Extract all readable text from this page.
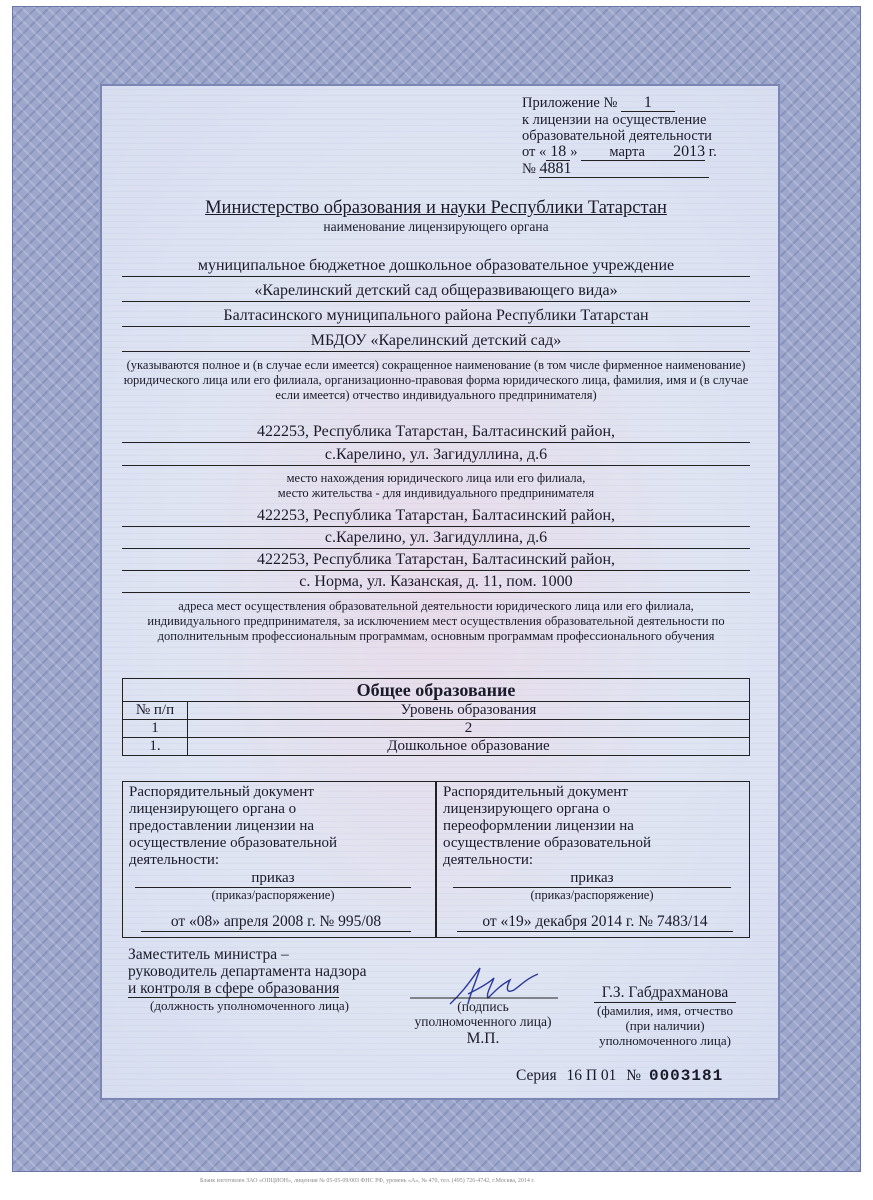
Приложение № 1
к лицензии на осуществление
образовательной деятельности
от « 18 » марта 2013 г.
№ 4881
Министерство образования и науки Республики Татарстан
наименование лицензирующего органа
муниципальное бюджетное дошкольное образовательное учреждение
«Карелинский детский сад общеразвивающего вида»
Балтасинского муниципального района Республики Татарстан
МБДОУ «Карелинский детский сад»
(указываются полное и (в случае если имеется) сокращенное наименование (в том числе фирменное наименование) юридического лица или его филиала, организационно-правовая форма юридического лица, фамилия, имя и (в случае если имеется) отчество индивидуального предпринимателя)
422253, Республика Татарстан, Балтасинский район,
с.Карелино, ул. Загидуллина, д.6
место нахождения юридического лица или его филиала,
место жительства - для индивидуального предпринимателя
422253, Республика Татарстан, Балтасинский район,
с.Карелино, ул. Загидуллина, д.6
422253, Республика Татарстан, Балтасинский район,
с. Норма, ул. Казанская, д. 11, пом. 1000
адреса мест осуществления образовательной деятельности юридического лица или его филиала, индивидуального предпринимателя, за исключением мест осуществления образовательной деятельности по дополнительным профессиональным программам, основным программам профессионального обучения
Общее образование	
№ п/п	Уровень образования
1	2
1.	Дошкольное образование
Распорядительный документ лицензирующего органа о предоставлении лицензии на осуществление образовательной деятельности:
приказ
(приказ/распоряжение)
от «08» апреля 2008 г. № 995/08
Распорядительный документ лицензирующего органа о переоформлении лицензии на осуществление образовательной деятельности:
приказ
(приказ/распоряжение)
от «19» декабря 2014 г. № 7483/14
Заместитель министра –
руководитель департамента надзора
и контроля в сфере образования
(должность уполномоченного лица)	(подпись
уполномоченного лица)
М.П.
Г.З. Габдрахманова
(фамилия, имя, отчество
(при наличии)
уполномоченного лица)
Серия 16 П 01 № 0003181
Бланк изготовлен ЗАО «ОПЦИОН», лицензия № 05-05-09/003 ФНС РФ, уровень «А», № 470, тел. (495) 726-4742, г.Москва, 2014 г.
